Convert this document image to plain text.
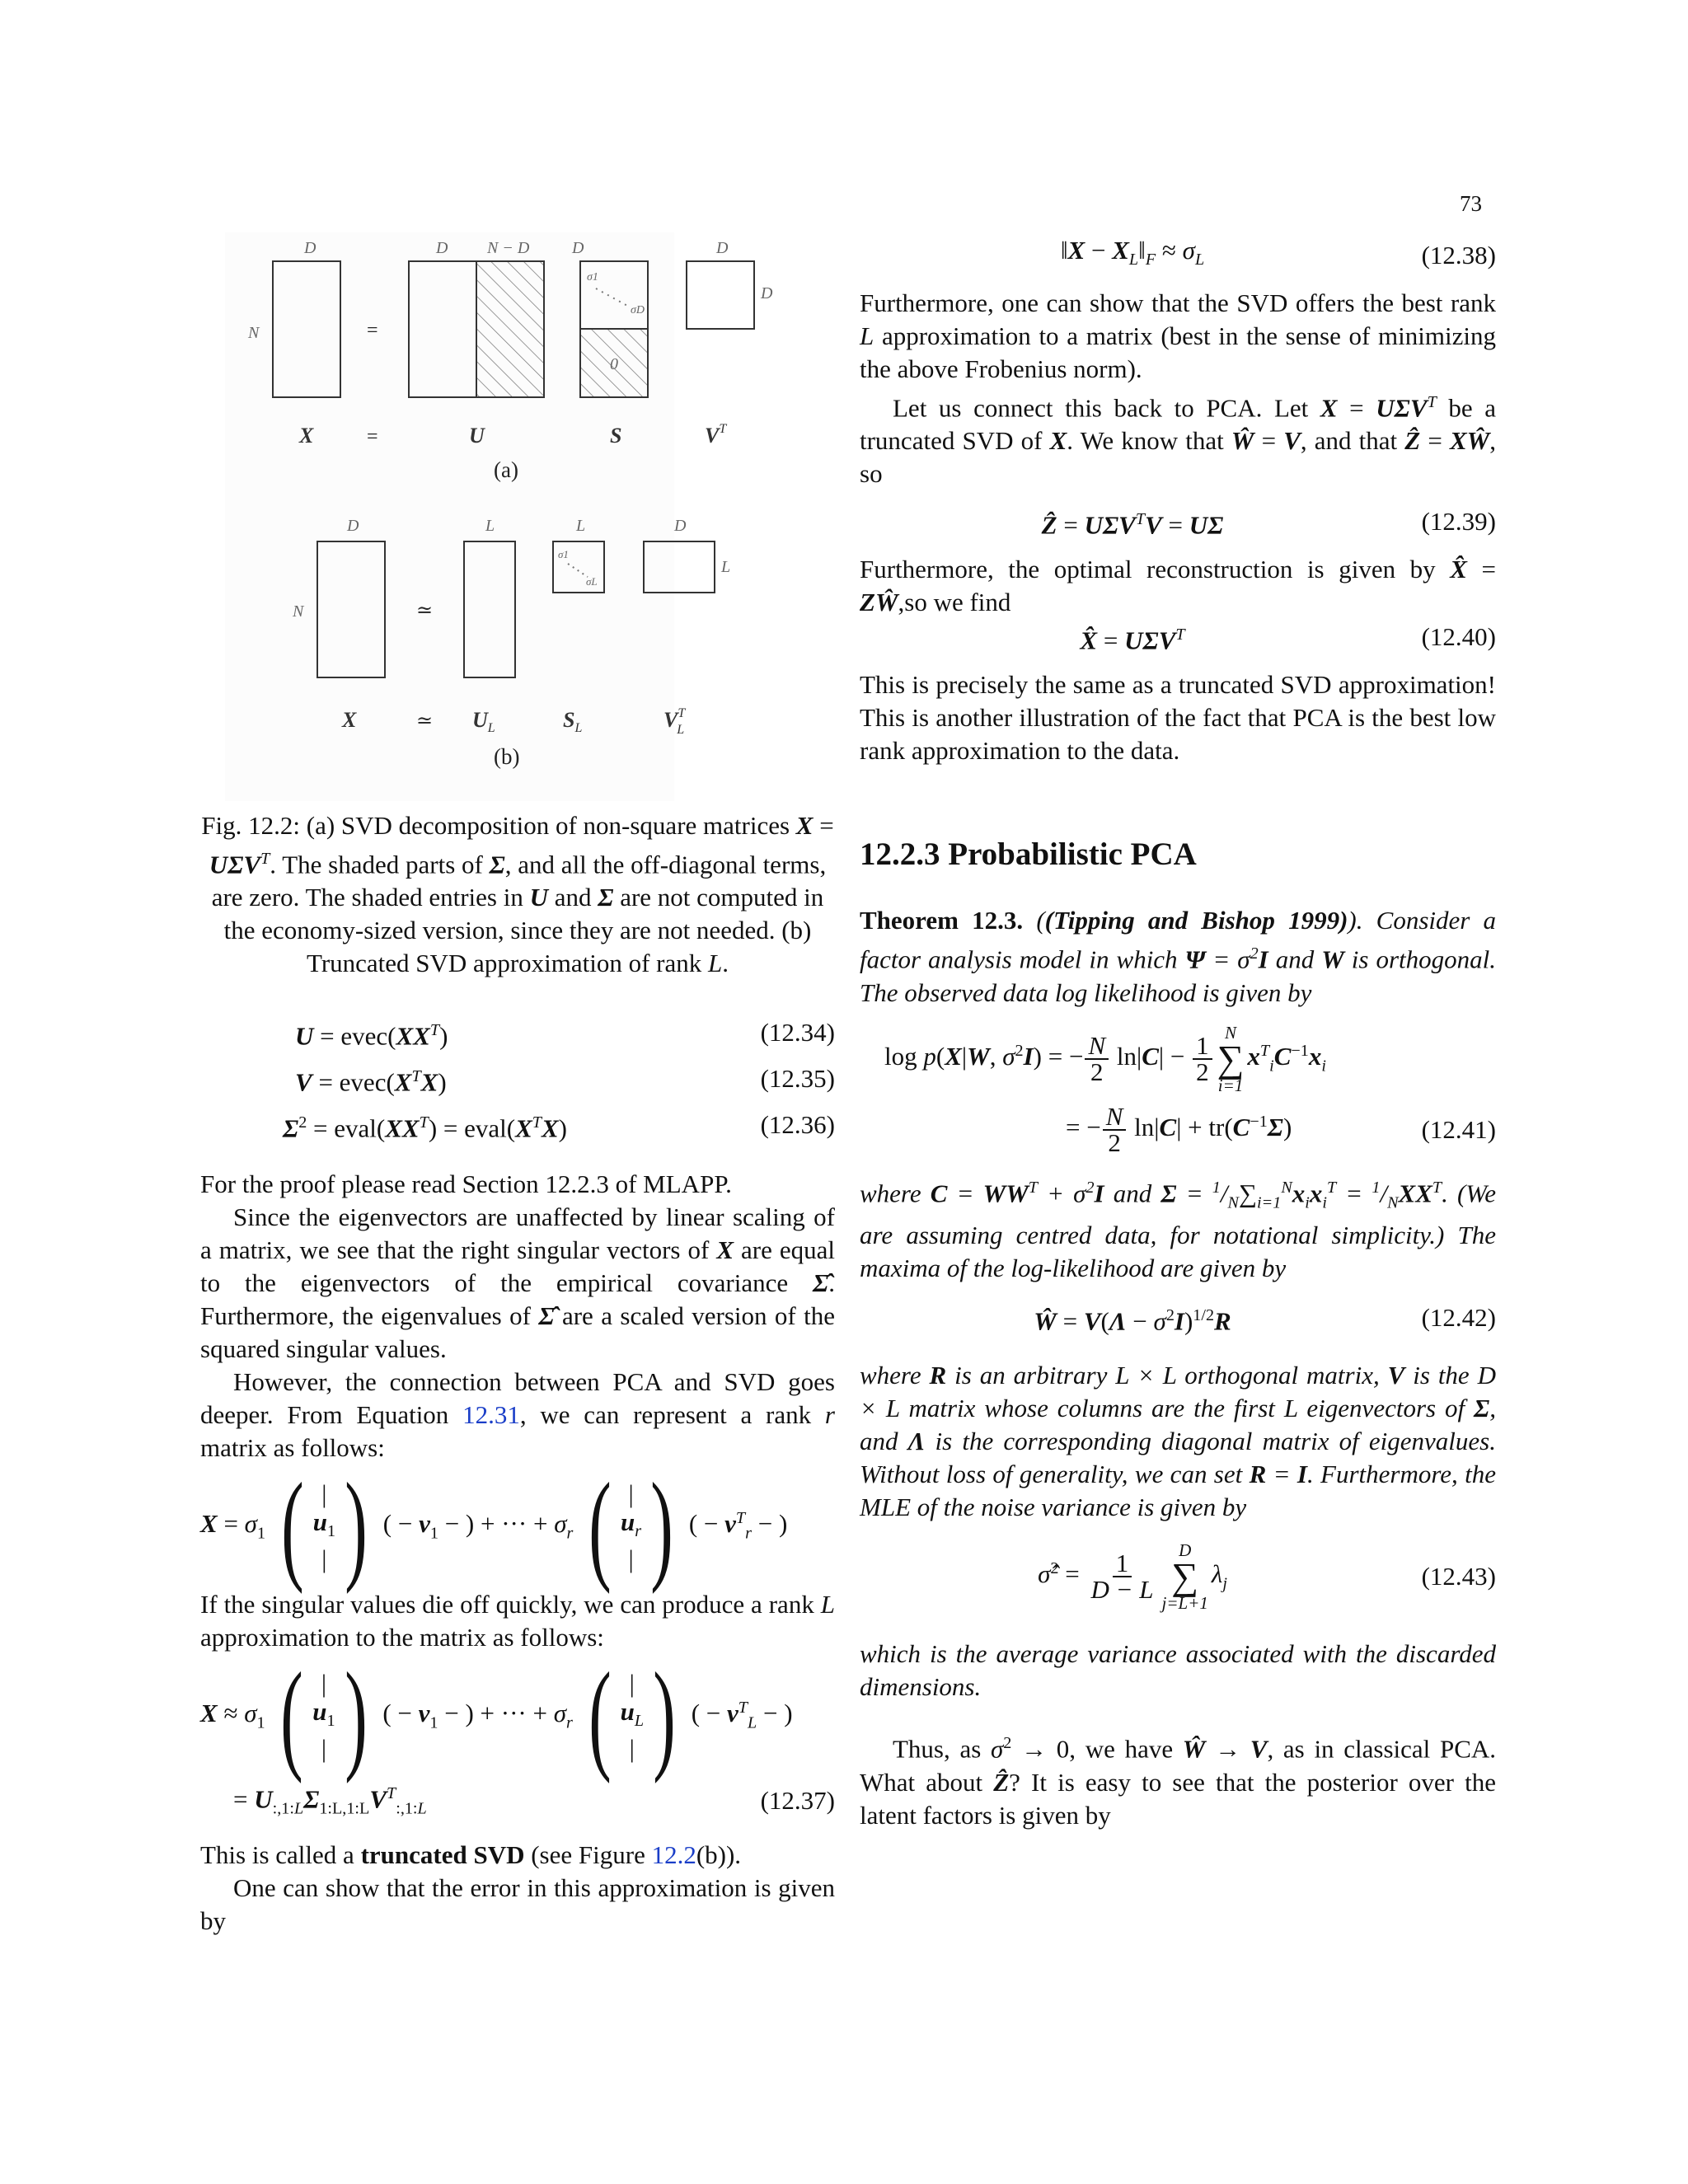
73
D	D N − D	D	D
N
D
=
σ1
σD
0
X	=	U	S	$V^T$
(a)
D	L	L	D
N
L
≃
σ1
σL
X	≃ $U_L$	$S_L$	$V^T$ L
(b)

Fig. 12.2: (a) SVD decomposition of non-square matrices $X = U\Sigma V^T$. The shaded parts of Σ, and all the off-diagonal terms, are zero. The shaded entries in U and Σ are not computed in the economy-sized version, since they are not needed. (b) Truncated SVD approximation of rank L.

$U = evec(XX^T)$	(12.34)
$V = evec(X^TX)$	(12.35)
$\Sigma^2$ = $eval(XX^T)$ = $eval(X^TX)$	(12.36)

For the proof please read Section 12.2.3 of MLAPP.

Since the eigenvectors are unaffected by linear scaling of a matrix, we see that the right singular vectors of X are equal to the eigenvectors of the empirical covariance Σ̂. Furthermore, the eigenvalues of Σ̂ are a scaled version of the squared singular values.

However, the connection between PCA and SVD goes deeper. From Equation 12.31, we can represent a rank r matrix as follows:

$X = \sigma_1$ ( |
$u_1$
| ) ( − $v_1$ − ) + ··· + $\sigma_r$ ( |
$u_r$
| ) ( − $v^T_r$ − )

If the singular values die off quickly, we can produce a rank L approximation to the matrix as follows:

$X \approx \sigma_1$ ( |
$u_1$
| ) ( − $v_1$ − ) + ··· + $\sigma_r$ ( |
$u_L$
| ) ( − $v^T_L$ − )
= $U_{:,1:L}\Sigma_{1:L,1:L}V^T_{:,1:L}$	(12.37)

This is called a truncated SVD (see Figure 12.2(b)).

One can show that the error in this approximation is given by

‖X − $X_L‖_F \approx \sigma_L$	(12.38)

Furthermore, one can show that the SVD offers the best rank L approximation to a matrix (best in the sense of minimizing the above Frobenius norm).

Let us connect this back to PCA. Let $X = U\Sigma V^T$ be a truncated SVD of X. We know that Ŵ = V, and that Ẑ = XŴ, so

Ẑ = $U\Sigma V^TV = U\Sigma$	(12.39)

Furthermore, the optimal reconstruction is given by X̂ = ZŴ,so we find

X̂ = $U\Sigma V^T$	(12.40)

This is precisely the same as a truncated SVD approximation! This is another illustration of the fact that PCA is the best low rank approximation to the data.

12.2.3 Probabilistic PCA

Theorem 12.3. ((Tipping and Bishop 1999)). Consider a factor analysis model in which $\Psi = \sigma^2I$ and W is orthogonal. The observed data log likelihood is given by

log p(X|W, $\sigma^2I$) = − $\frac{N}{2} \ln|C| - \frac{1}{2}$
N
∑
i=1
$x^T_iC^{-1}x_i$
= − $\frac{N}{2} \ln|C| + tr(C^{-1}\Sigma)$	(12.41)

where $C = WW^T + \sigma^2I$ and $\Sigma = ^1/_N\sum_{i=1}^Nx_ix_i^T = ^1/_NXX^T$. (We are assuming centred data, for notational simplicity.) The maxima of the log-likelihood are given by

Ŵ = $V(\Lambda - \sigma^2I)^{1/2}R$	(12.42)

where R is an arbitrary L × L orthogonal matrix, V is the D × L matrix whose columns are the first L eigenvectors of Σ, and Λ is the corresponding diagonal matrix of eigenvalues. Without loss of generality, we can set R = I. Furthermore, the MLE of the noise variance is given by

σ̂$^2$ = $\frac{1}{D - L}$
D
∑
j=L+1
$\lambda_j$	(12.43)

which is the average variance associated with the discarded dimensions.

Thus, as $\sigma^2 \to 0$, we have Ŵ → V, as in classical PCA. What about Ẑ? It is easy to see that the posterior over the latent factors is given by
